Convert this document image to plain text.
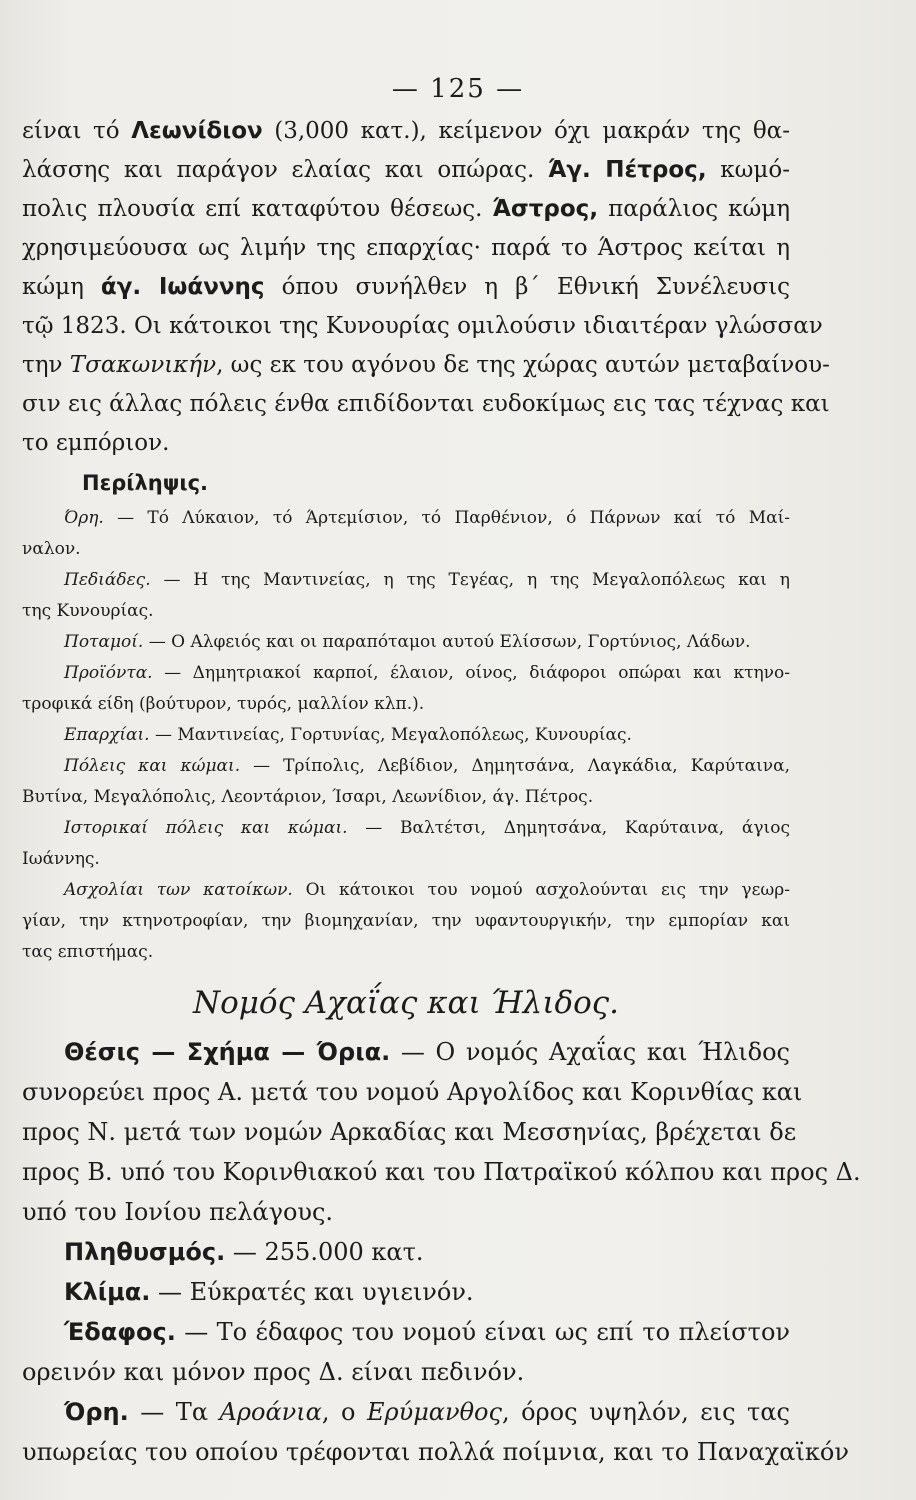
— 125 —
είναι τό Λεωνίδιον (3,000 κατ.), κείμενον όχι μακράν της θα-
λάσσης και παράγον ελαίας και οπώρας. Άγ. Πέτρος, κωμό-
πολις πλουσία επί καταφύτου θέσεως. Άστρος, παράλιος κώμη
χρησιμεύουσα ως λιμήν της επαρχίας· παρά το Άστρος κείται η
κώμη άγ. Ιωάννης όπου συνήλθεν η β΄ Εθνική Συνέλευσις
τῷ 1823. Οι κάτοικοι της Κυνουρίας ομιλούσιν ιδιαιτέραν γλώσσαν
την Τσακωνικήν, ως εκ του αγόνου δε της χώρας αυτών μεταβαίνου-
σιν εις άλλας πόλεις ένθα επιδίδονται ευδοκίμως εις τας τέχνας και
το εμπόριον.
Περίληψις.
Όρη. — Τό Λύκαιον, τό Άρτεμίσιον, τό Παρθένιον, ό Πάρνων καί τό Μαί-
ναλον.
Πεδιάδες. — Η της Μαντινείας, η της Τεγέας, η της Μεγαλοπόλεως και η
της Κυνουρίας.
Ποταμοί. — Ο Αλφειός και οι παραπόταμοι αυτού Ελίσσων, Γορτύνιος, Λάδων.
Προϊόντα. — Δημητριακοί καρποί, έλαιον, οίνος, διάφοροι οπώραι και κτηνο-
τροφικά είδη (βούτυρον, τυρός, μαλλίον κλπ.).
Επαρχίαι. — Μαντινείας, Γορτυνίας, Μεγαλοπόλεως, Κυνουρίας.
Πόλεις και κώμαι. — Τρίπολις, Λεβίδιον, Δημητσάνα, Λαγκάδια, Καρύταινα,
Βυτίνα, Μεγαλόπολις, Λεοντάριον, Ίσαρι, Λεωνίδιον, άγ. Πέτρος.
Ιστορικαί πόλεις και κώμαι. — Βαλτέτσι, Δημητσάνα, Καρύταινα, άγιος
Ιωάννης.
Ασχολίαι των κατοίκων. Οι κάτοικοι του νομού ασχολούνται εις την γεωρ-
γίαν, την κτηνοτροφίαν, την βιομηχανίαν, την υφαντουργικήν, την εμπορίαν και
τας επιστήμας.
Νομός Αχαΐας και Ήλιδος.
Θέσις — Σχήμα — Όρια. — Ο νομός Αχαΐας και Ήλιδος
συνορεύει προς Α. μετά του νομού Αργολίδος και Κορινθίας και
προς Ν. μετά των νομών Αρκαδίας και Μεσσηνίας, βρέχεται δε
προς Β. υπό του Κορινθιακού και του Πατραϊκού κόλπου και προς Δ.
υπό του Ιονίου πελάγους.
Πληθυσμός. — 255.000 κατ.
Κλίμα. — Εύκρατές και υγιεινόν.
Έδαφος. — Το έδαφος του νομού είναι ως επί το πλείστον
ορεινόν και μόνον προς Δ. είναι πεδινόν.
Όρη. — Τα Αροάνια, ο Ερύμανθος, όρος υψηλόν, εις τας
υπωρείας του οποίου τρέφονται πολλά ποίμνια, και το Παναχαϊκόν
